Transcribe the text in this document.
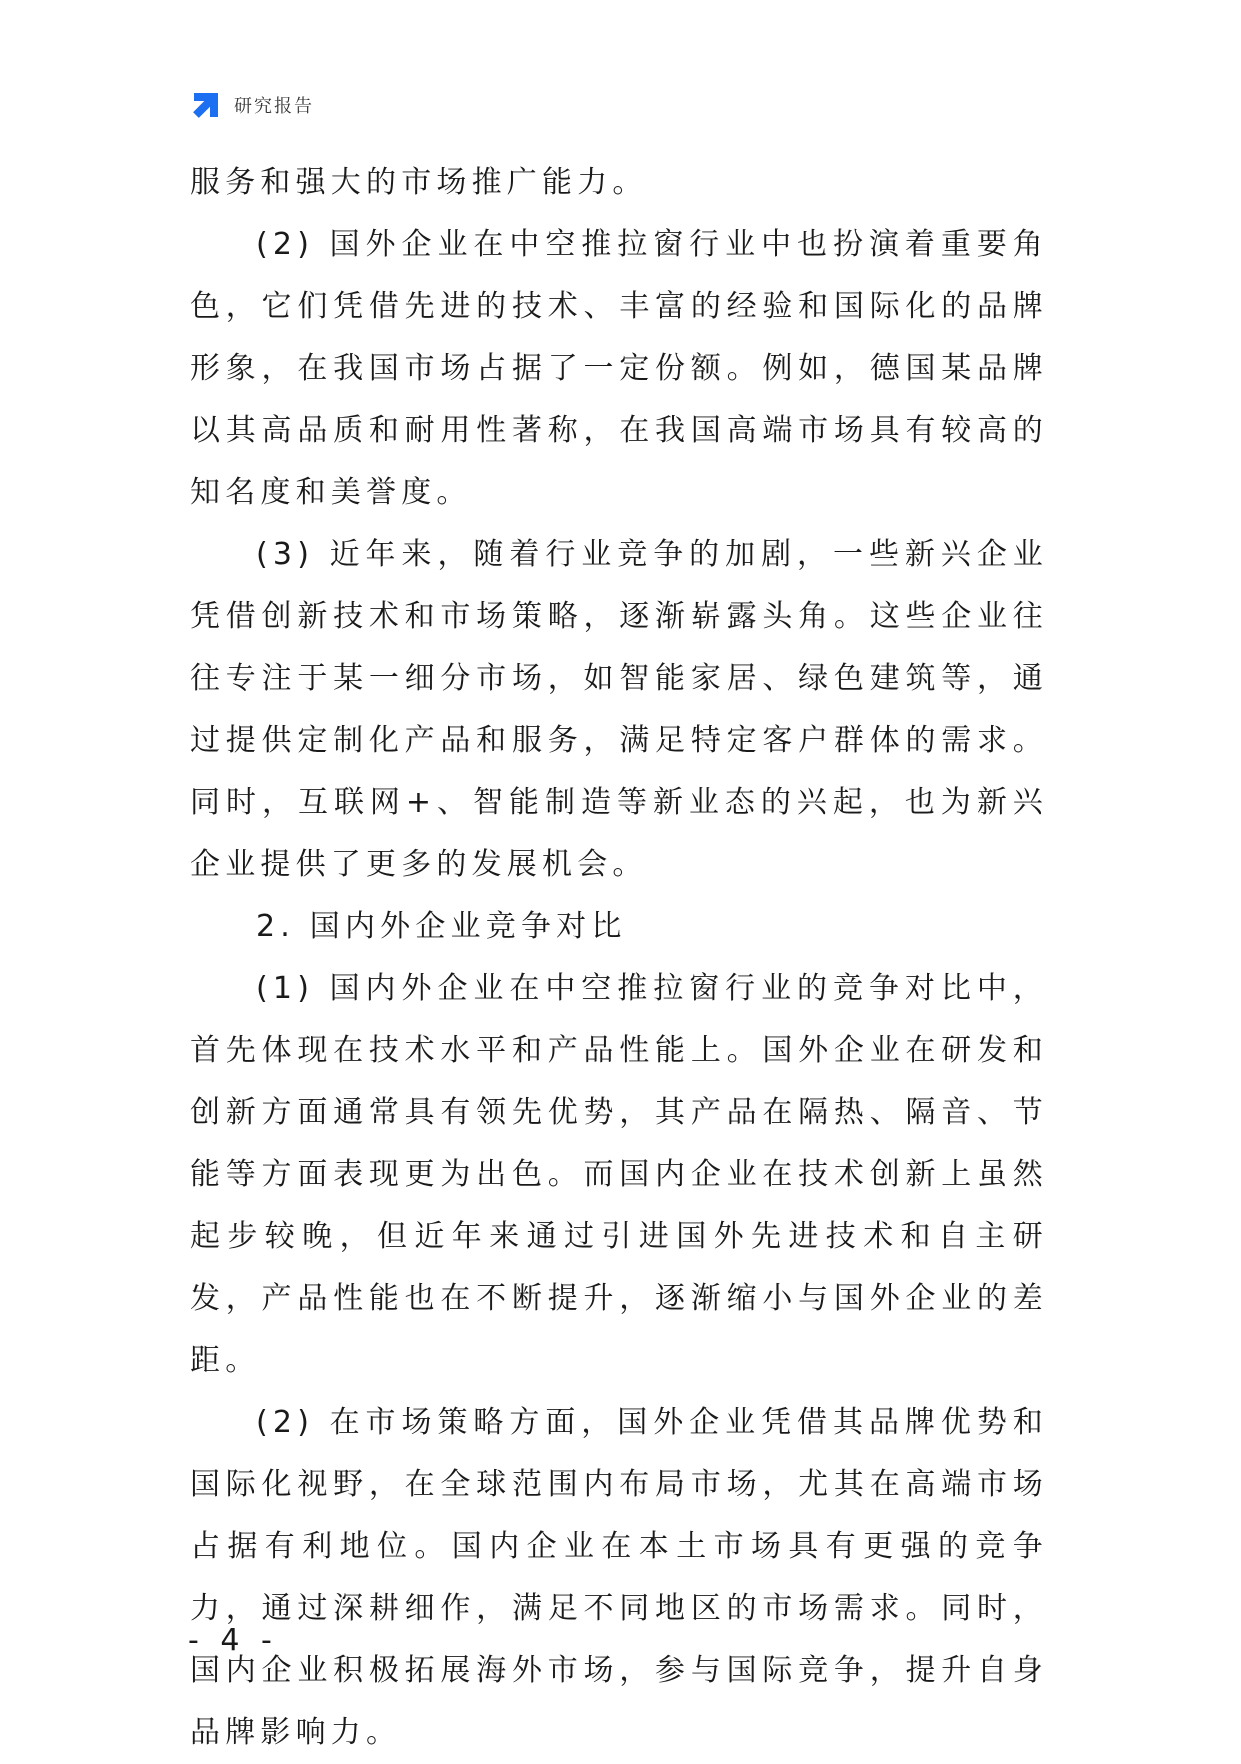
研究报告

服务和强大的市场推广能力。

(2) 国外企业在中空推拉窗行业中也扮演着重要角色，它们凭借先进的技术、丰富的经验和国际化的品牌形象，在我国市场占据了一定份额。例如，德国某品牌以其高品质和耐用性著称，在我国高端市场具有较高的知名度和美誉度。

(3) 近年来，随着行业竞争的加剧，一些新兴企业凭借创新技术和市场策略，逐渐崭露头角。这些企业往往专注于某一细分市场，如智能家居、绿色建筑等，通过提供定制化产品和服务，满足特定客户群体的需求。同时，互联网+、智能制造等新业态的兴起，也为新兴企业提供了更多的发展机会。

2. 国内外企业竞争对比

(1) 国内外企业在中空推拉窗行业的竞争对比中，首先体现在技术水平和产品性能上。国外企业在研发和创新方面通常具有领先优势，其产品在隔热、隔音、节能等方面表现更为出色。而国内企业在技术创新上虽然起步较晚，但近年来通过引进国外先进技术和自主研发，产品性能也在不断提升，逐渐缩小与国外企业的差距。

(2) 在市场策略方面，国外企业凭借其品牌优势和国际化视野，在全球范围内布局市场，尤其在高端市场占据有利地位。国内企业在本土市场具有更强的竞争力，通过深耕细作，满足不同地区的市场需求。同时，国内企业积极拓展海外市场，参与国际竞争，提升自身品牌影响力。

- 4 -
